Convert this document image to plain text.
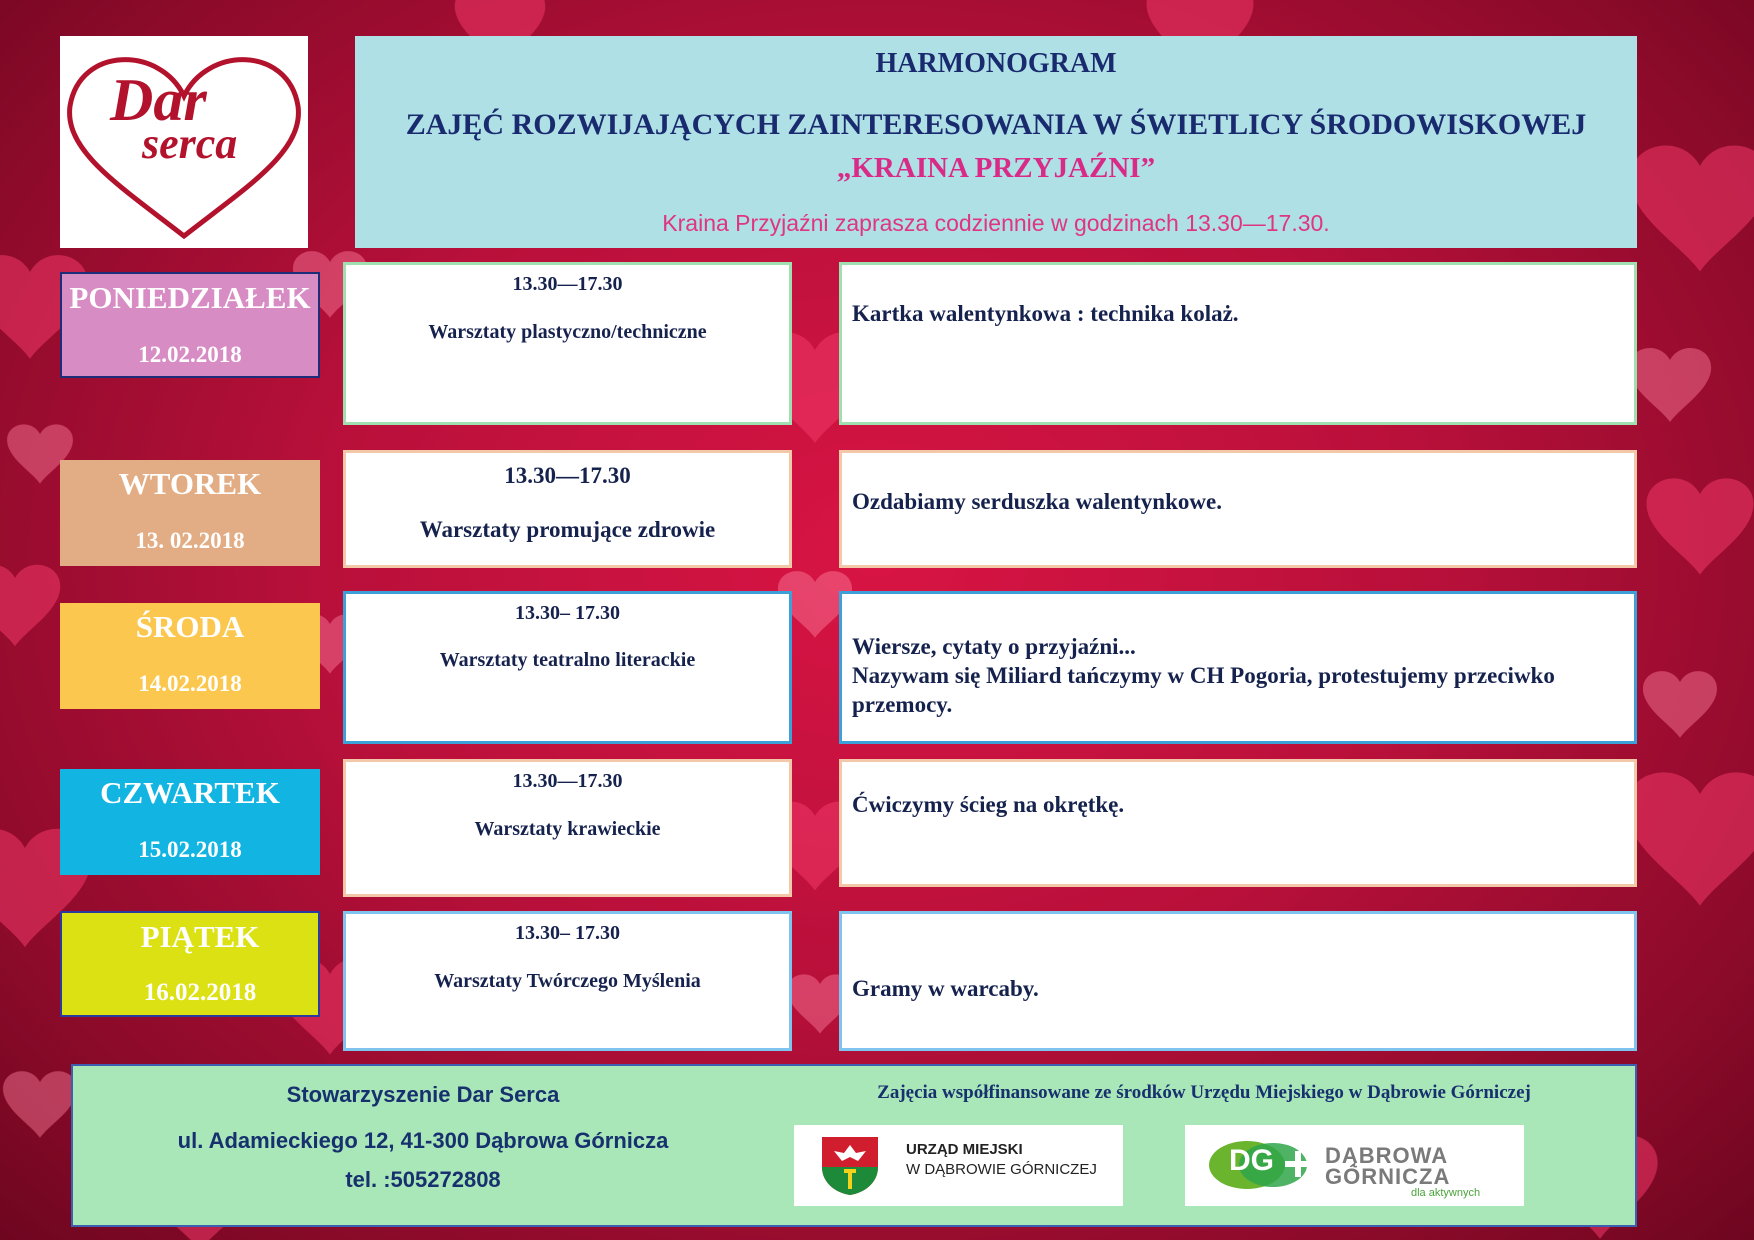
Dar
serca
HARMONOGRAM
ZAJĘĆ ROZWIJAJĄCYCH ZAINTERESOWANIA W ŚWIETLICY ŚRODOWISKOWEJ
„KRAINA PRZYJAŹNI”
Kraina Przyjaźni zaprasza codziennie w godzinach 13.30—17.30.
PONIEDZIAŁEK
12.02.2018
13.30—17.30
Warsztaty plastyczno/techniczne
Kartka walentynkowa : technika kolaż.
WTOREK
13. 02.2018
13.30—17.30
Warsztaty promujące zdrowie
Ozdabiamy serduszka walentynkowe.
ŚRODA
14.02.2018
13.30– 17.30
Warsztaty teatralno literackie
Wiersze, cytaty o przyjaźni...
Nazywam się Miliard tańczymy w CH Pogoria, protestujemy przeciwko przemocy.
CZWARTEK
15.02.2018
13.30—17.30
Warsztaty krawieckie
Ćwiczymy ścieg na okrętkę.
PIĄTEK
16.02.2018
13.30– 17.30
Warsztaty Twórczego Myślenia	Gramy w warcaby.
Stowarzyszenie Dar Serca
ul. Adamieckiego 12, 41-300 Dąbrowa Górnicza
tel. :505272808
Zajęcia współfinansowane ze środków Urzędu Miejskiego w Dąbrowie Górniczej
URZĄD MIEJSKI
W DĄBROWIE GÓRNICZEJ	DG DĄBROWA
GÓRNICZA
dla aktywnych
